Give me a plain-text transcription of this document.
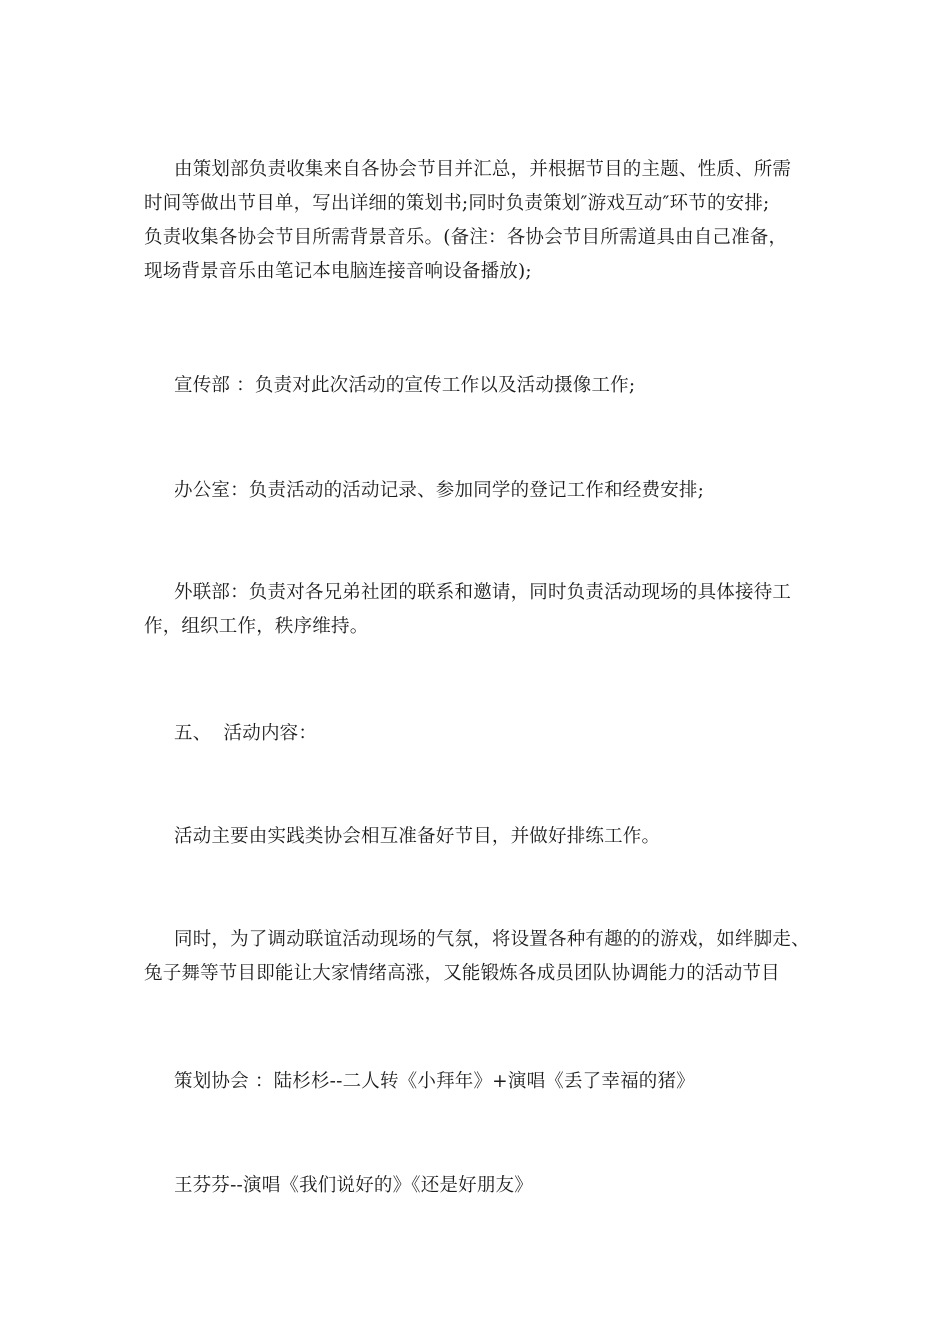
由策划部负责收集来自各协会节目并汇总，并根据节目的主题、性质、所需
时间等做出节目单，写出详细的策划书;同时负责策划″游戏互动″环节的安排;
负责收集各协会节目所需背景音乐。(备注：各协会节目所需道具由自己准备，
现场背景音乐由笔记本电脑连接音响设备播放);
宣传部 ：负责对此次活动的宣传工作以及活动摄像工作;
办公室：负责活动的活动记录、参加同学的登记工作和经费安排;
外联部：负责对各兄弟社团的联系和邀请，同时负责活动现场的具体接待工
作，组织工作，秩序维持。
五、  活动内容：
活动主要由实践类协会相互准备好节目，并做好排练工作。
同时，为了调动联谊活动现场的气氛，将设置各种有趣的的游戏，如绊脚走、
兔子舞等节目即能让大家情绪高涨，又能锻炼各成员团队协调能力的活动节目
策划协会 ：陆杉杉--二人转《小拜年》+演唱《丢了幸福的猪》
王芬芬--演唱《我们说好的》《还是好朋友》
